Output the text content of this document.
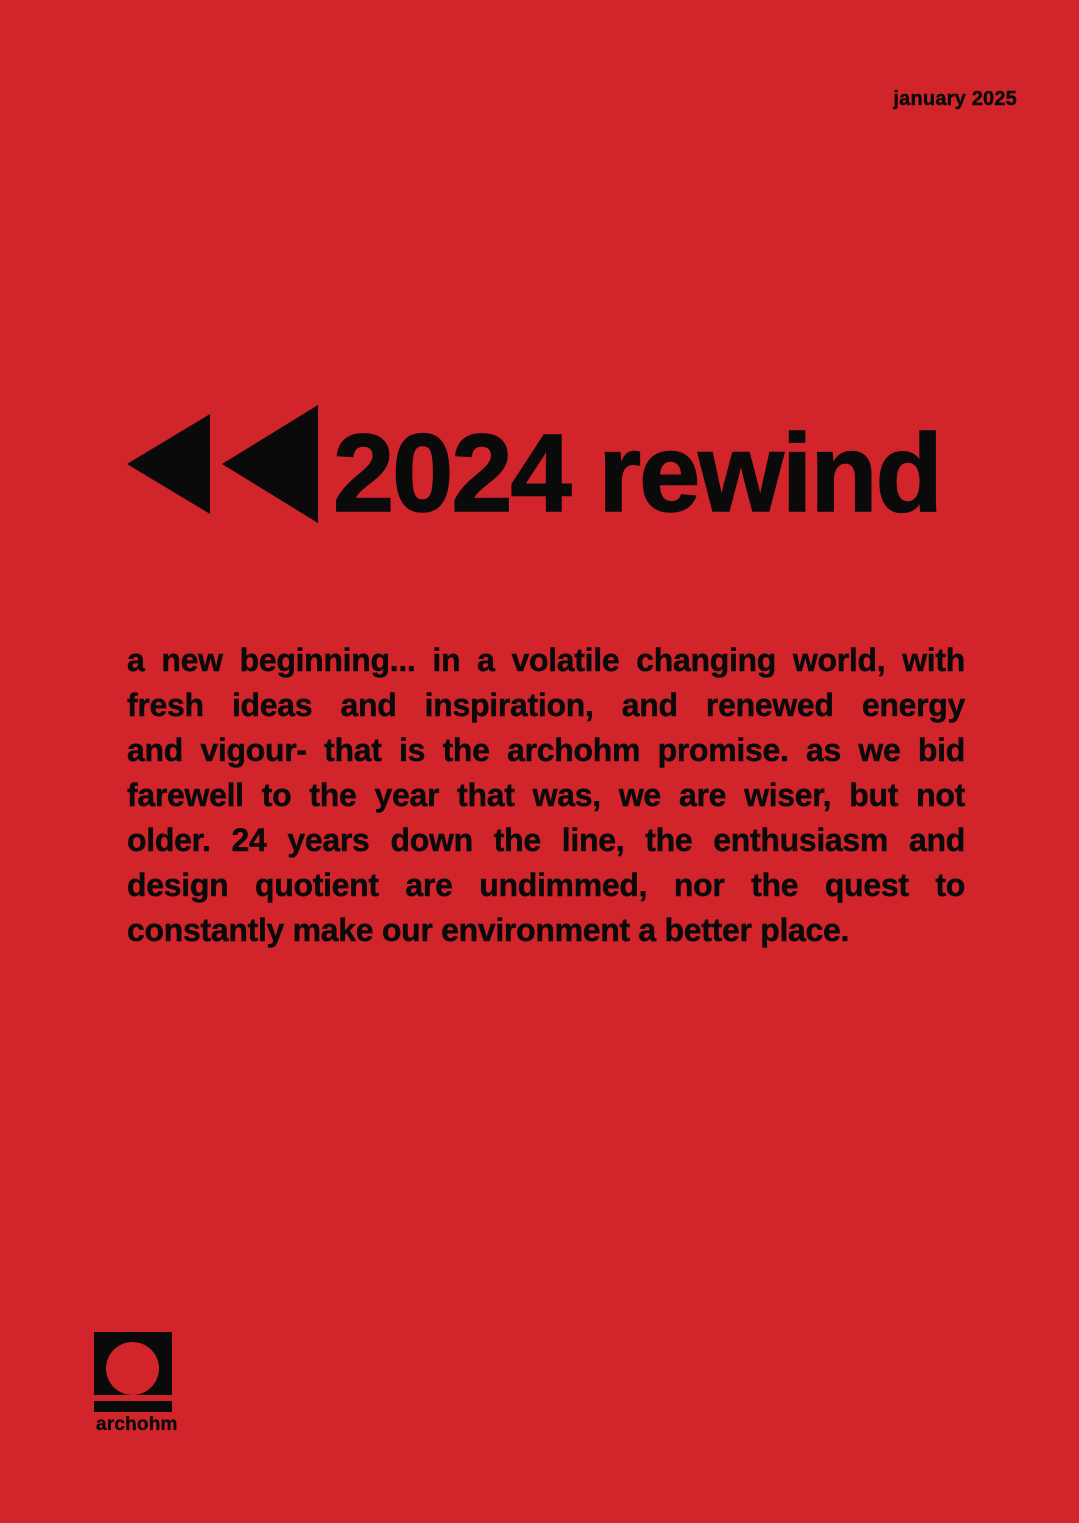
january 2025
2024 rewind
a new beginning... in a volatile changing world, with
fresh ideas and inspiration, and renewed energy
and vigour- that is the archohm promise. as we bid
farewell to the year that was, we are wiser, but not
older. 24 years down the line, the enthusiasm and
design quotient are undimmed, nor the quest to
constantly make our environment a better place.
archohm
